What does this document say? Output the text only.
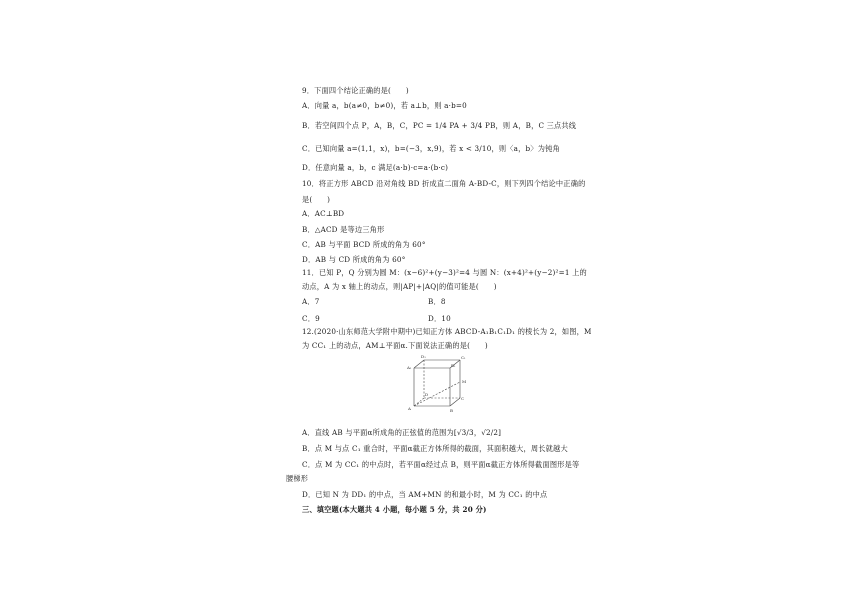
9．下面四个结论正确的是(　　)
A．向量 a，b(a≠0，b≠0)，若 a⊥b，则 a·b=0
B．若空间四个点 P，A，B，C，PC = 1/4 PA + 3/4 PB，则 A，B，C 三点共线
C．已知向量 a=(1,1，x)，b=(−3，x,9)，若 x < 3/10，则〈a，b〉为钝角
D．任意向量 a，b，c 满足(a·b)·c=a·(b·c)
10．将正方形 ABCD 沿对角线 BD 折成直二面角 A-BD-C，则下列四个结论中正确的
是(　　)
A．AC⊥BD
B．△ACD 是等边三角形
C．AB 与平面 BCD 所成的角为 60°
D．AB 与 CD 所成的角为 60°
11．已知 P，Q 分别为圆 M：(x−6)²+(y−3)²=4 与圆 N：(x+4)²+(y−2)²=1 上的
动点，A 为 x 轴上的动点，则|AP|+|AQ|的值可能是(　　)
A．7	B．8
C．9	D．10
12.(2020·山东师范大学附中期中)已知正方体 ABCD-A₁B₁C₁D₁ 的棱长为 2，如图，M
为 CC₁ 上的动点，AM⊥平面α.下面说法正确的是(　　)
D₁	C₁
A₁	B₁
D
C
A	B
M
A．直线 AB 与平面α所成角的正弦值的范围为[√3/3，√2/2]
B．点 M 与点 C₁ 重合时，平面α截正方体所得的截面，其面积越大，周长就越大
C．点 M 为 CC₁ 的中点时，若平面α经过点 B，则平面α截正方体所得截面图形是等
腰梯形
D．已知 N 为 DD₁ 的中点，当 AM+MN 的和最小时，M 为 CC₁ 的中点
三、填空题(本大题共 4 小题，每小题 5 分，共 20 分)
